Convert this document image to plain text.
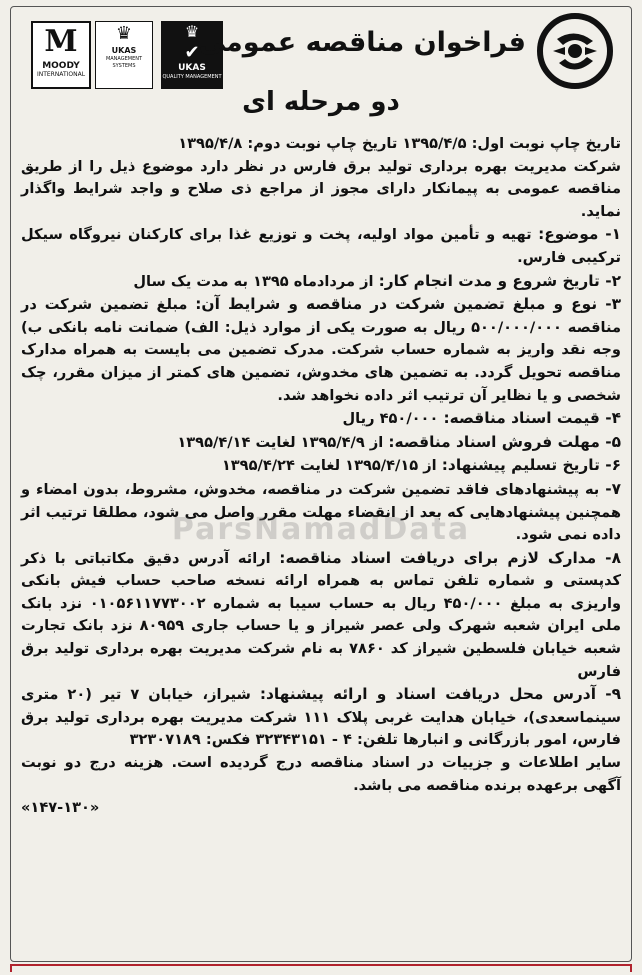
M
MOODY
INTERNATIONAL
♛
UKAS
MANAGEMENT SYSTEMS
♛
✔
UKAS
QUALITY MANAGEMENT
فراخوان مناقصه عمومی
دو مرحله ای

تاریخ چاپ نوبت اول: ۱۳۹۵/۴/۵ تاریخ چاپ نوبت دوم: ۱۳۹۵/۴/۸

شرکت مدیریت بهره برداری تولید برق فارس در نظر دارد موضوع ذیل را از طریق مناقصه عمومی به پیمانکار دارای مجوز از مراجع ذی صلاح و واجد شرایط واگذار نماید.

۱- موضوع: تهیه و تأمین مواد اولیه، پخت و توزیع غذا برای کارکنان نیروگاه سیکل ترکیبی فارس.

۲- تاریخ شروع و مدت انجام کار: از مردادماه ۱۳۹۵ به مدت یک سال

۳- نوع و مبلغ تضمین شرکت در مناقصه و شرایط آن: مبلغ تضمین شرکت در مناقصه ۵۰۰/۰۰۰/۰۰۰ ریال به صورت یکی از موارد ذیل: الف) ضمانت نامه بانکی ب) وجه نقد واریز به شماره حساب شرکت. مدرک تضمین می بایست به همراه مدارک مناقصه تحویل گردد. به تضمین های مخدوش، تضمین های کمتر از میزان مقرر، چک شخصی و یا نظایر آن ترتیب اثر داده نخواهد شد.

۴- قیمت اسناد مناقصه: ۴۵۰/۰۰۰ ریال

۵- مهلت فروش اسناد مناقصه: از ۱۳۹۵/۴/۹ لغایت ۱۳۹۵/۴/۱۴

۶- تاریخ تسلیم پیشنهاد: از ۱۳۹۵/۴/۱۵ لغایت ۱۳۹۵/۴/۲۴

۷- به پیشنهادهای فاقد تضمین شرکت در مناقصه، مخدوش، مشروط، بدون امضاء و همچنین پیشنهادهایی که بعد از انقضاء مهلت مقرر واصل می شود، مطلقا ترتیب اثر داده نمی شود.

۸- مدارک لازم برای دریافت اسناد مناقصه: ارائه آدرس دقیق مکاتباتی با ذکر کدپستی و شماره تلفن تماس به همراه ارائه نسخه صاحب حساب فیش بانکی واریزی به مبلغ ۴۵۰/۰۰۰ ریال به حساب سیبا به شماره ۰۱۰۵۶۱۱۷۷۳۰۰۲ نزد بانک ملی ایران شعبه شهرک ولی عصر شیراز و یا حساب جاری ۸۰۹۵۹ نزد بانک تجارت شعبه خیابان فلسطین شیراز کد ۷۸۶۰ به نام شرکت مدیریت بهره برداری تولید برق فارس

۹- آدرس محل دریافت اسناد و ارائه پیشنهاد: شیراز، خیابان ۷ تیر (۲۰ متری سینماسعدی)، خیابان هدایت غربی پلاک ۱۱۱ شرکت مدیریت بهره برداری تولید برق فارس، امور بازرگانی و انبارها تلفن: ۴ - ۳۲۳۴۳۱۵۱ فکس: ۳۲۳۰۷۱۸۹

سایر اطلاعات و جزییات در اسناد مناقصه درج گردیده است. هزینه درج دو نوبت آگهی برعهده برنده مناقصه می باشد.

«۱۴۷-۱۳۰»

ParsNamadData
